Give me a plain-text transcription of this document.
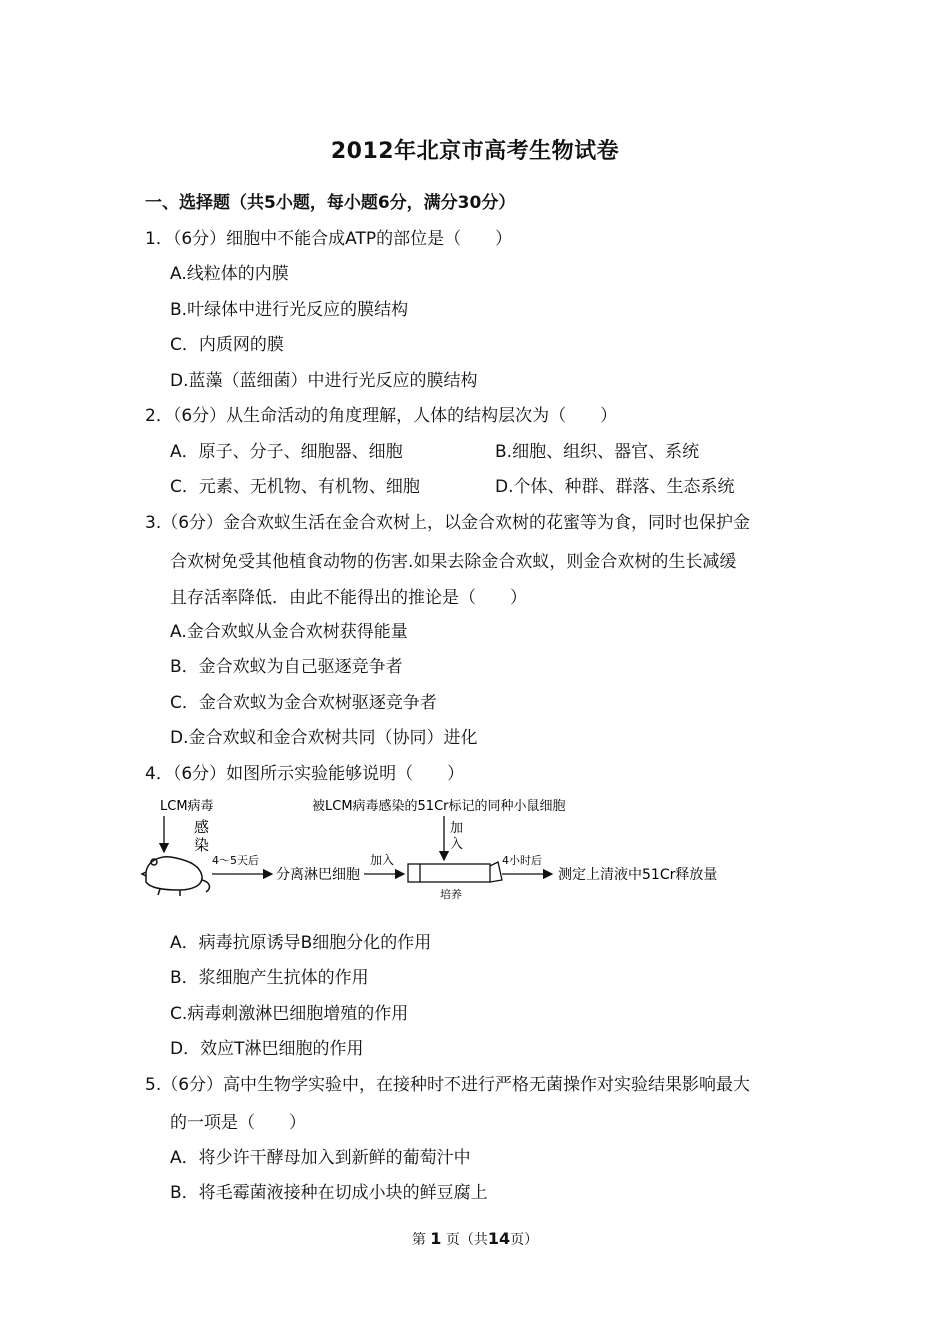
2012年北京市高考生物试卷
一、选择题（共5小题，每小题6分，满分30分）
1．（6分）细胞中不能合成ATP的部位是（　　）
A.线粒体的内膜
B.叶绿体中进行光反应的膜结构
C．内质网的膜
D.蓝藻（蓝细菌）中进行光反应的膜结构
2．（6分）从生命活动的角度理解，人体的结构层次为（　　）
A．原子、分子、细胞器、细胞	B.细胞、组织、器官、系统
C．元素、无机物、有机物、细胞	D.个体、种群、群落、生态系统
3.（6分）金合欢蚁生活在金合欢树上，以金合欢树的花蜜等为食，同时也保护金
合欢树免受其他植食动物的伤害.如果去除金合欢蚁，则金合欢树的生长减缓
且存活率降低．由此不能得出的推论是（　　）
A.金合欢蚁从金合欢树获得能量
B．金合欢蚁为自己驱逐竞争者
C．金合欢蚁为金合欢树驱逐竞争者
D.金合欢蚁和金合欢树共同（协同）进化
4．（6分）如图所示实验能够说明（　　）
LCM病毒
感
染
4～5天后
分离淋巴细胞
加入
培养
被LCM病毒感染的51Cr标记的同种小鼠细胞
加
入
4小时后
测定上清液中51Cr释放量
A．病毒抗原诱导B细胞分化的作用
B．浆细胞产生抗体的作用
C.病毒刺激淋巴细胞增殖的作用
D．效应T淋巴细胞的作用
5.（6分）高中生物学实验中，在接种时不进行严格无菌操作对实验结果影响最大
的一项是（　　）
A．将少许干酵母加入到新鲜的葡萄汁中
B．将毛霉菌液接种在切成小块的鲜豆腐上
第 1 页（共14页）
